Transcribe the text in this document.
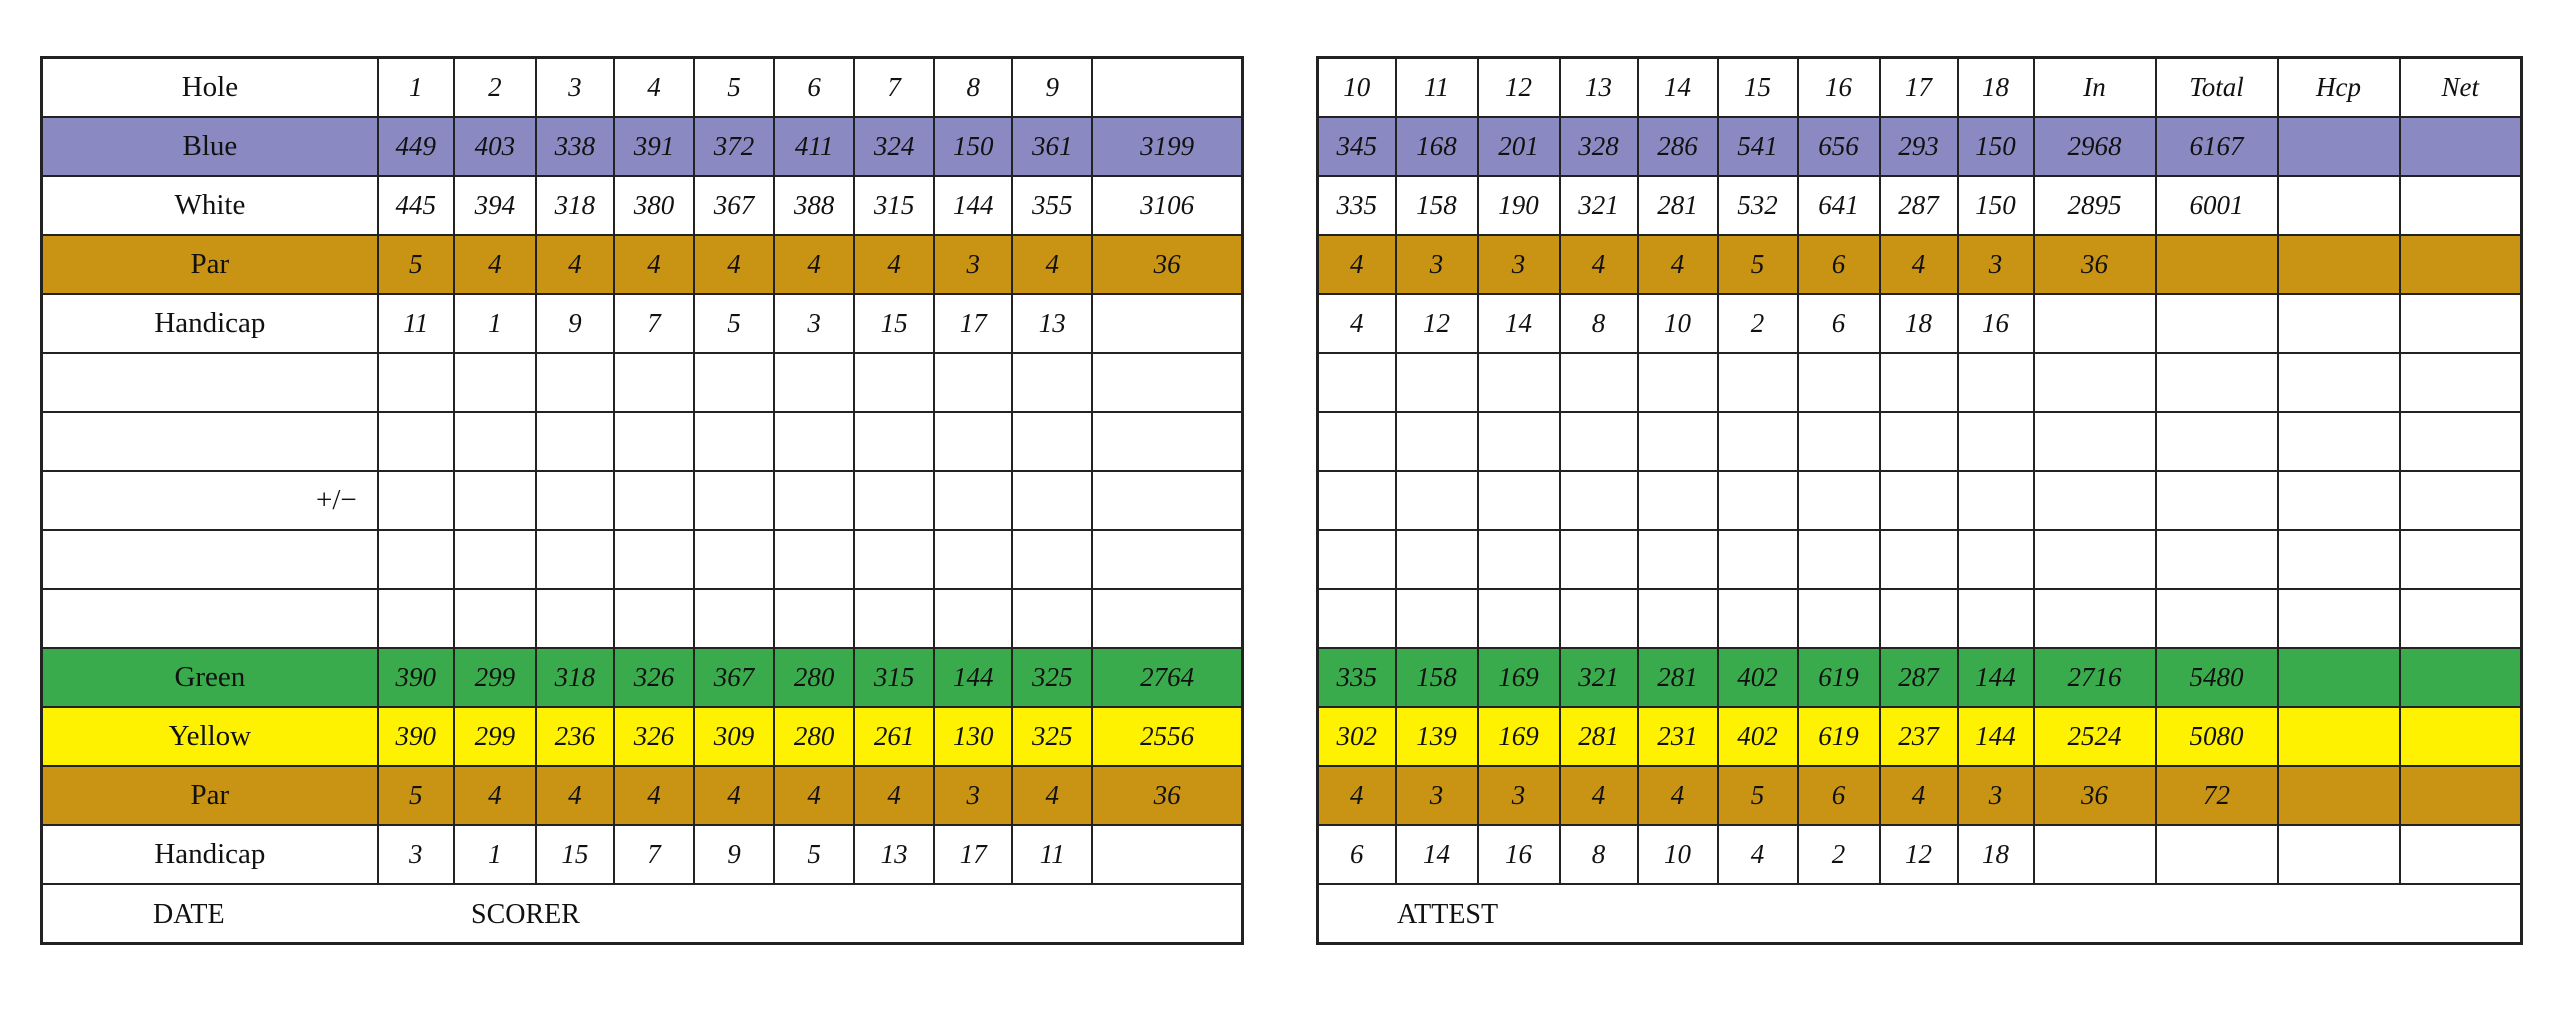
Hole	1	2	3	4	5	6	7	8	9	
Blue	449	403	338	391	372	411	324	150	361	3199
White	445	394	318	380	367	388	315	144	355	3106
Par	5	4	4	4	4	4	4	3	4	36
Handicap	11	1	9	7	5	3	15	17	13	

+/−										

Green	390	299	318	326	367	280	315	144	325	2764
Yellow	390	299	236	326	309	280	261	130	325	2556
Par	5	4	4	4	4	4	4	3	4	36
Handicap	3	1	15	7	9	5	13	17	11	

DATE SCORER										
10	11	12	13	14	15	16	17	18	In	Total	Hcp	Net
345	168	201	328	286	541	656	293	150	2968	6167		
335	158	190	321	281	532	641	287	150	2895	6001		
4	3	3	4	4	5	6	4	3	36			
4	12	14	8	10	2	6	18	16				

335	158	169	321	281	402	619	287	144	2716	5480		
302	139	169	281	231	402	619	237	144	2524	5080		
4	3	3	4	4	5	6	4	3	36	72		
6	14	16	8	10	4	2	12	18				

ATTEST												
